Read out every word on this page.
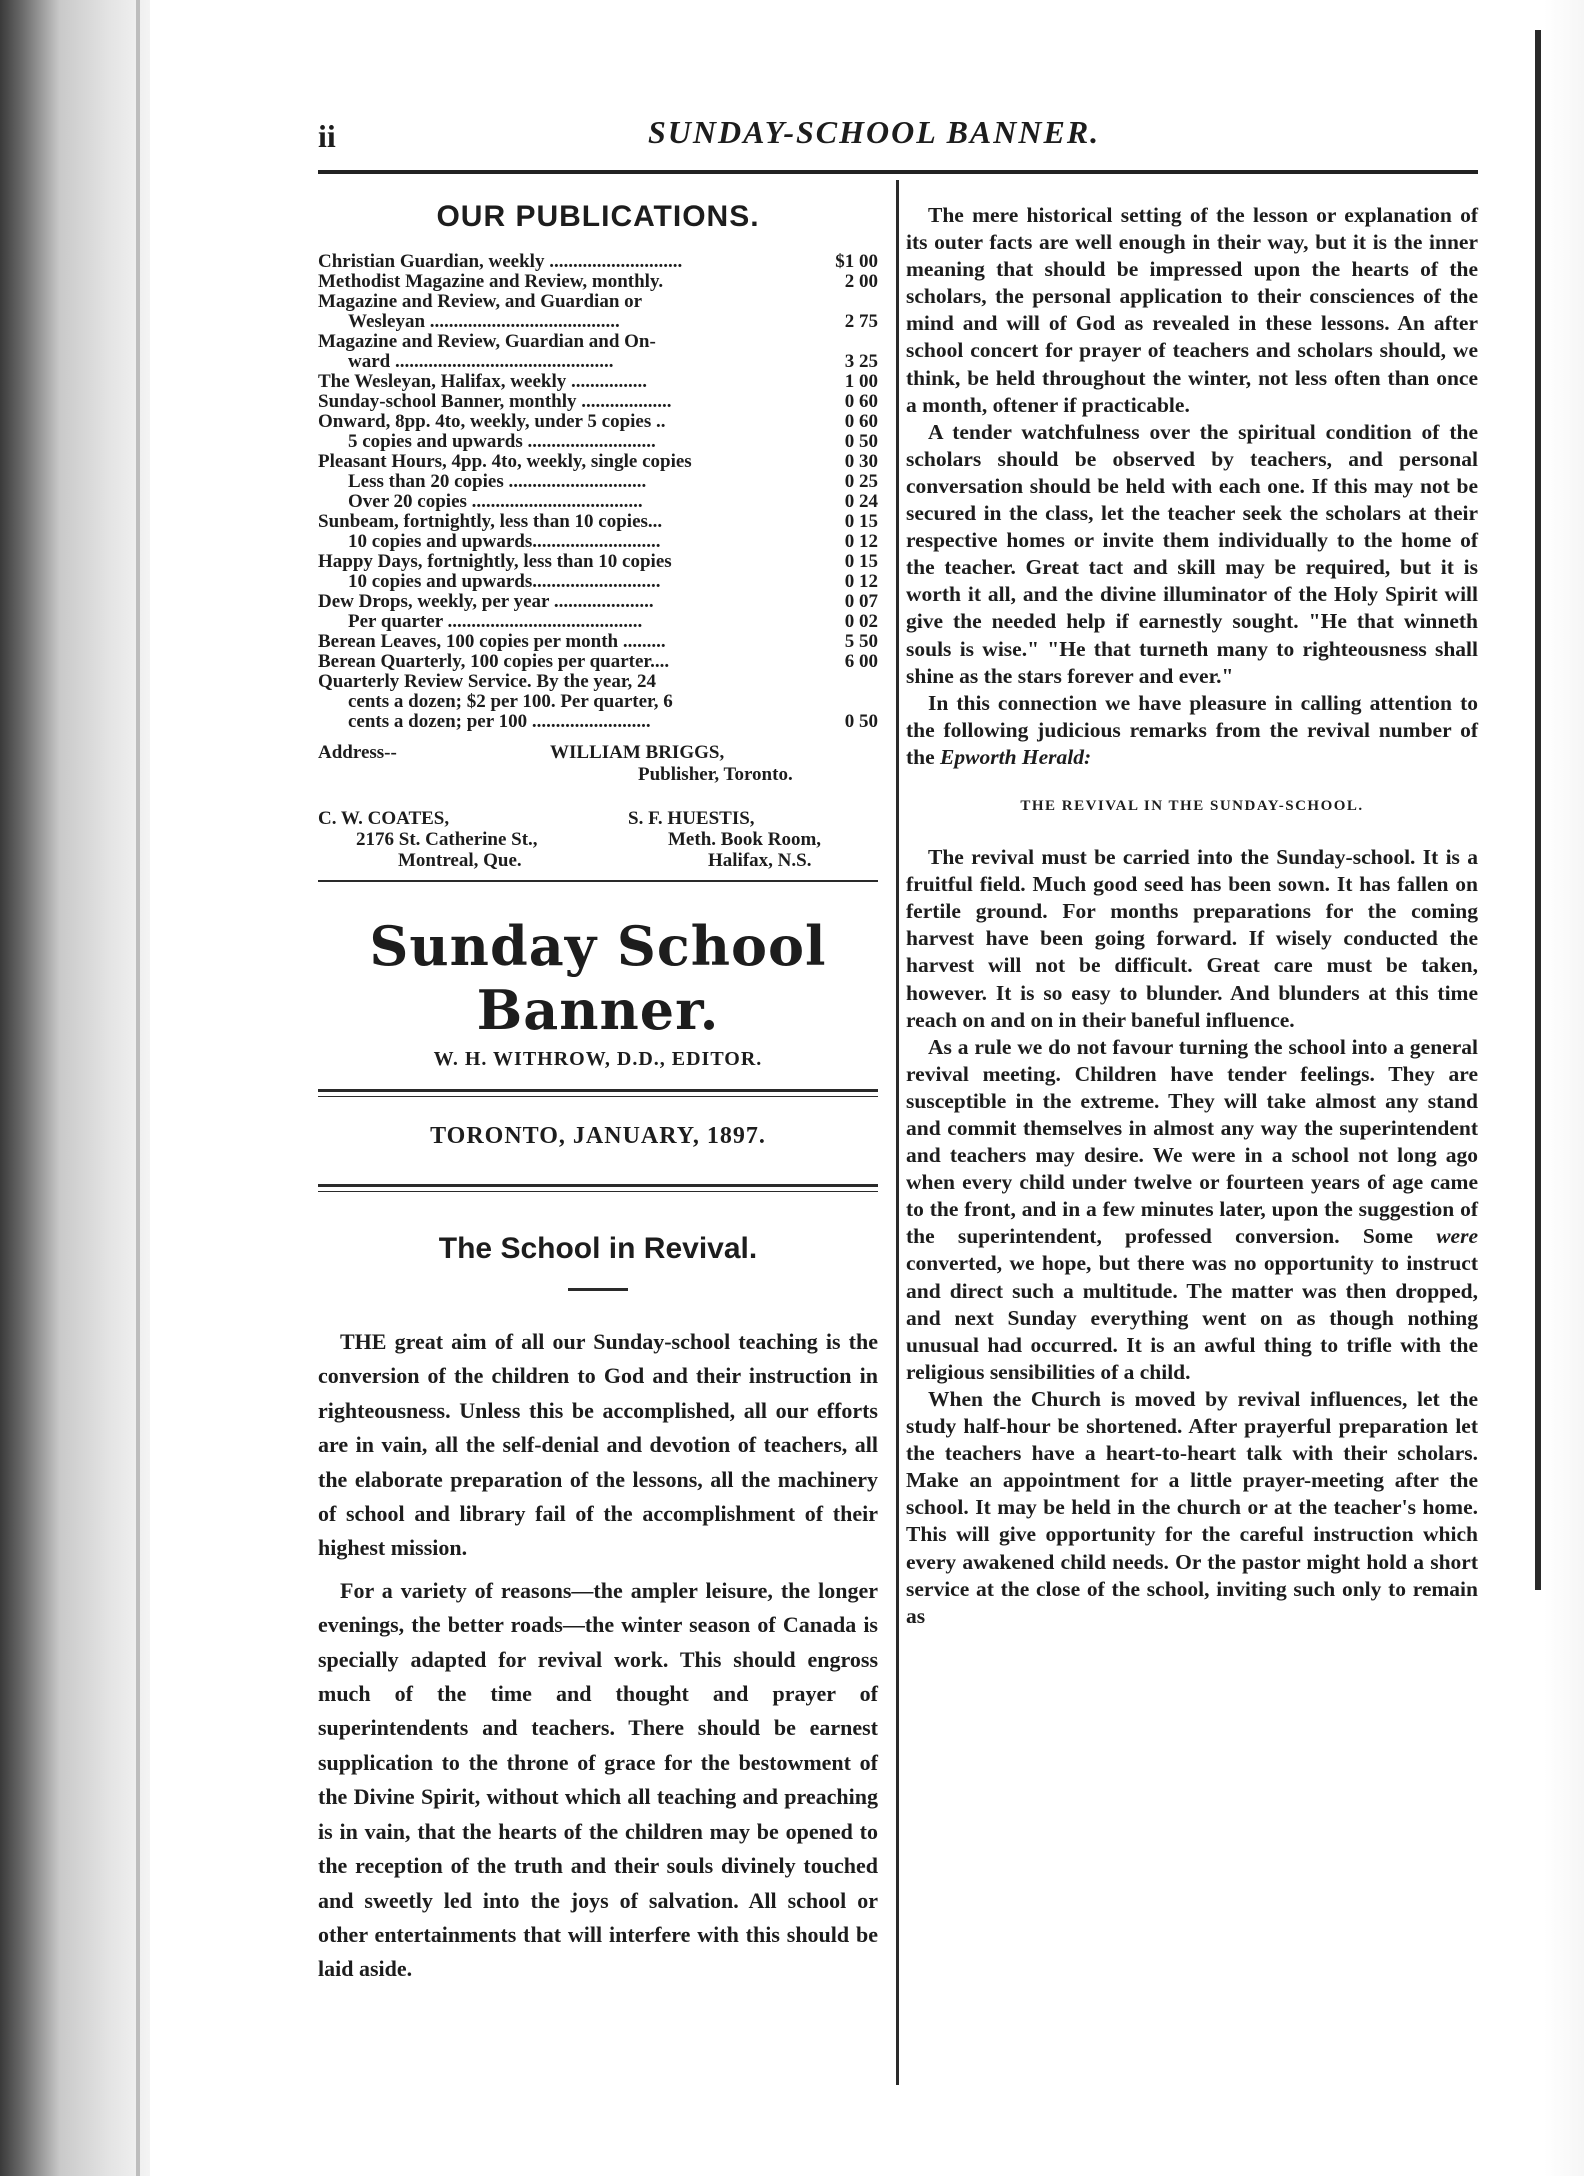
ii	SUNDAY-SCHOOL BANNER.
OUR PUBLICATIONS.
Christian Guardian, weekly ............................	$1 00
Methodist Magazine and Review, monthly.	2 00
Magazine and Review, and Guardian or
Wesleyan ........................................	2 75
Magazine and Review, Guardian and On-
ward ..............................................	3 25
The Wesleyan, Halifax, weekly ................	1 00
Sunday-school Banner, monthly ...................	0 60
Onward, 8pp. 4to, weekly, under 5 copies ..	0 60
5 copies and upwards ...........................	0 50
Pleasant Hours, 4pp. 4to, weekly, single copies	0 30
Less than 20 copies .............................	0 25
Over 20 copies ....................................	0 24
Sunbeam, fortnightly, less than 10 copies...	0 15
10 copies and upwards...........................	0 12
Happy Days, fortnightly, less than 10 copies	0 15
10 copies and upwards...........................	0 12
Dew Drops, weekly, per year .....................	0 07
Per quarter .........................................	0 02
Berean Leaves, 100 copies per month .........	5 50
Berean Quarterly, 100 copies per quarter....	6 00
Quarterly Review Service. By the year, 24
cents a dozen; $2 per 100. Per quarter, 6
cents a dozen; per 100 .........................	0 50
Address--	WILLIAM BRIGGS,
Publisher, Toronto.
C. W. COATES,
2176 St. Catherine St.,
Montreal, Que.
S. F. HUESTIS,
Meth. Book Room,
Halifax, N.S.
Sunday School Banner.
W. H. WITHROW, D.D., EDITOR.
TORONTO, JANUARY, 1897.
The School in Revival.

THE great aim of all our Sunday-school teaching is the conversion of the children to God and their instruction in righteousness. Unless this be accomplished, all our efforts are in vain, all the self-denial and devotion of teachers, all the elaborate preparation of the lessons, all the machinery of school and library fail of the accomplishment of their highest mission.

For a variety of reasons—the ampler leisure, the longer evenings, the better roads—the winter season of Canada is specially adapted for revival work. This should engross much of the time and thought and prayer of superintendents and teachers. There should be earnest supplication to the throne of grace for the bestowment of the Divine Spirit, without which all teaching and preaching is in vain, that the hearts of the children may be opened to the reception of the truth and their souls divinely touched and sweetly led into the joys of salvation. All school or other entertainments that will interfere with this should be laid aside.

The mere historical setting of the lesson or explanation of its outer facts are well enough in their way, but it is the inner meaning that should be impressed upon the hearts of the scholars, the personal application to their consciences of the mind and will of God as revealed in these lessons. An after school concert for prayer of teachers and scholars should, we think, be held throughout the winter, not less often than once a month, oftener if practicable.

A tender watchfulness over the spiritual condition of the scholars should be observed by teachers, and personal conversation should be held with each one. If this may not be secured in the class, let the teacher seek the scholars at their respective homes or invite them individually to the home of the teacher. Great tact and skill may be required, but it is worth it all, and the divine illuminator of the Holy Spirit will give the needed help if earnestly sought. "He that winneth souls is wise." "He that turneth many to righteousness shall shine as the stars forever and ever."

In this connection we have pleasure in calling attention to the following judicious remarks from the revival number of the Epworth Herald:

THE REVIVAL IN THE SUNDAY-SCHOOL.

The revival must be carried into the Sunday-school. It is a fruitful field. Much good seed has been sown. It has fallen on fertile ground. For months preparations for the coming harvest have been going forward. If wisely conducted the harvest will not be difficult. Great care must be taken, however. It is so easy to blunder. And blunders at this time reach on and on in their baneful influence.

As a rule we do not favour turning the school into a general revival meeting. Children have tender feelings. They are susceptible in the extreme. They will take almost any stand and commit themselves in almost any way the superintendent and teachers may desire. We were in a school not long ago when every child under twelve or fourteen years of age came to the front, and in a few minutes later, upon the suggestion of the superintendent, professed conversion. Some were converted, we hope, but there was no opportunity to instruct and direct such a multitude. The matter was then dropped, and next Sunday everything went on as though nothing unusual had occurred. It is an awful thing to trifle with the religious sensibilities of a child.

When the Church is moved by revival influences, let the study half-hour be shortened. After prayerful preparation let the teachers have a heart-to-heart talk with their scholars. Make an appointment for a little prayer-meeting after the school. It may be held in the church or at the teacher's home. This will give opportunity for the careful instruction which every awakened child needs. Or the pastor might hold a short service at the close of the school, inviting such only to remain as
